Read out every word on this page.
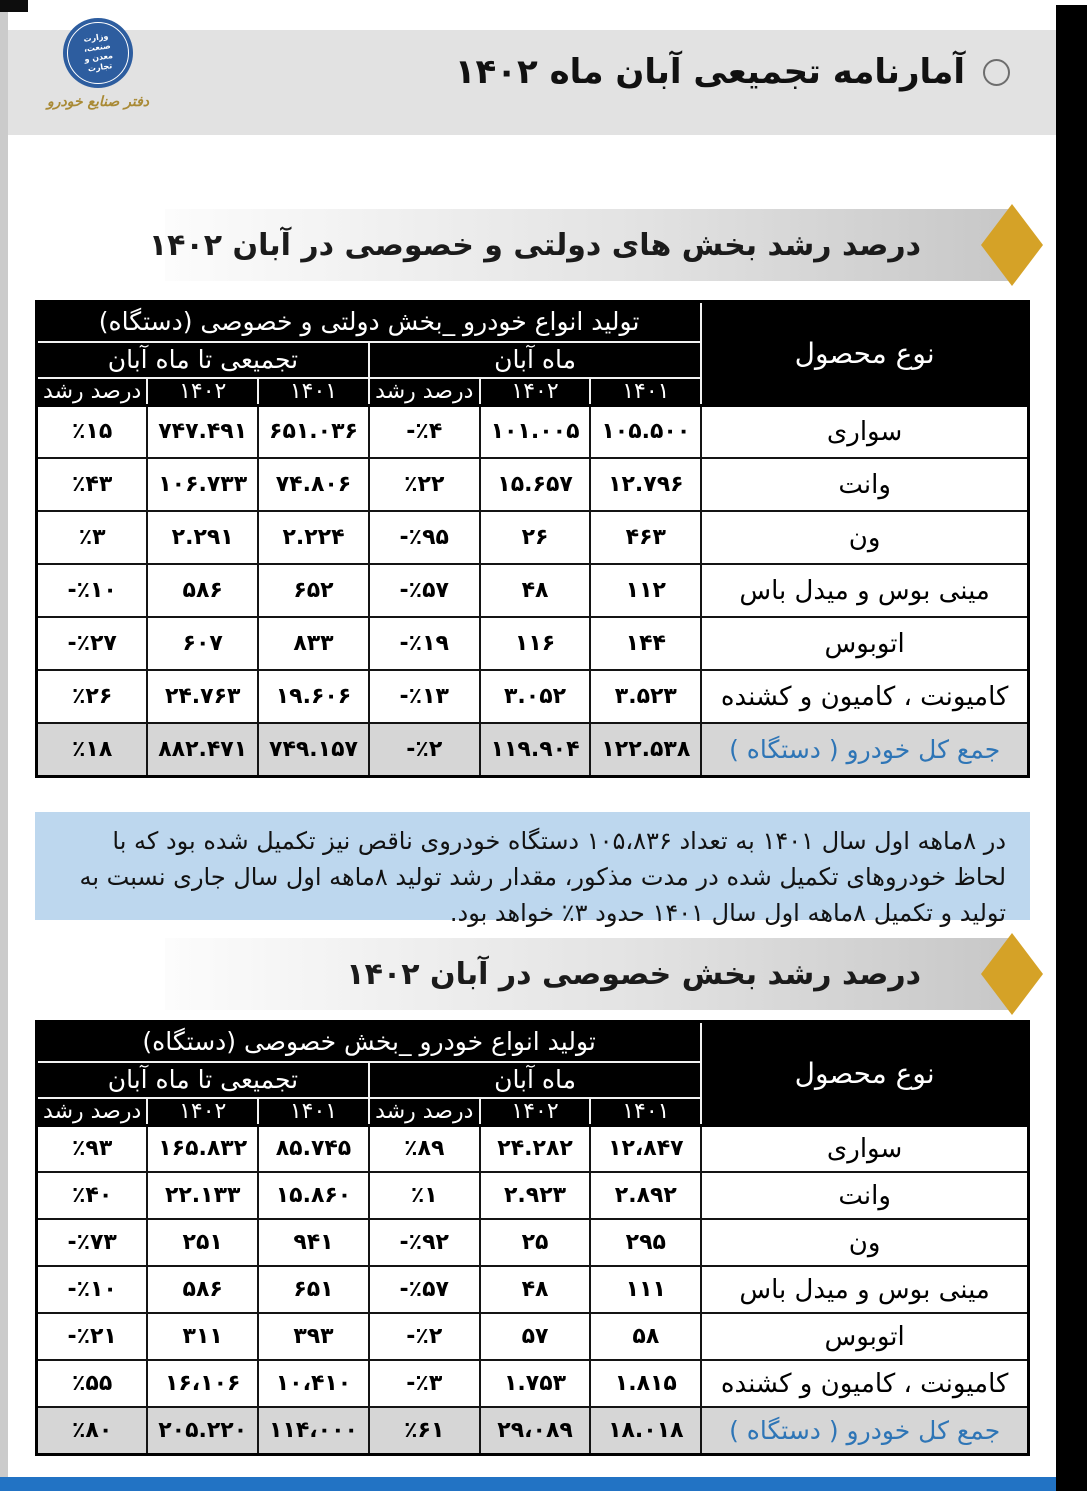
وزارت صنعت، معدن و تجارت
دفتر صنایع خودرو
آمارنامه تجمیعی آبان ماه ۱۴۰۲
درصد رشد بخش های دولتی و خصوصی در آبان ۱۴۰۲
نوع محصول	تولید انواع خودرو _بخش دولتی و خصوصی (دستگاه)					
	ماه آبان			تجمیعی تا ماه آبان		
	۱۴۰۱	۱۴۰۲	درصد رشد	۱۴۰۱	۱۴۰۲	درصد رشد
سواری	۱۰۵.۵۰۰	۱۰۱.۰۰۵	-٪۴	۶۵۱.۰۳۶	۷۴۷.۴۹۱	٪۱۵
وانت	۱۲.۷۹۶	۱۵.۶۵۷	٪۲۲	۷۴.۸۰۶	۱۰۶.۷۳۳	٪۴۳
ون	۴۶۳	۲۶	-٪۹۵	۲.۲۲۴	۲.۲۹۱	٪۳
مینی بوس و میدل باس	۱۱۲	۴۸	-٪۵۷	۶۵۲	۵۸۶	-٪۱۰
اتوبوس	۱۴۴	۱۱۶	-٪۱۹	۸۳۳	۶۰۷	-٪۲۷
کامیونت ، کامیون و کشنده	۳.۵۲۳	۳.۰۵۲	-٪۱۳	۱۹.۶۰۶	۲۴.۷۶۳	٪۲۶
جمع کل خودرو ( دستگاه )	۱۲۲.۵۳۸	۱۱۹.۹۰۴	-٪۲	۷۴۹.۱۵۷	۸۸۲.۴۷۱	٪۱۸
در ۸ماهه اول سال ۱۴۰۱ به تعداد ۱۰۵،۸۳۶ دستگاه خودروی ناقص نیز تکمیل شده بود که با لحاظ خودروهای تکمیل شده در مدت مذکور، مقدار رشد تولید ۸ماهه اول سال جاری نسبت به تولید و تکمیل ۸ماهه اول سال ۱۴۰۱ حدود ۳٪ خواهد بود.
درصد رشد بخش خصوصی در آبان ۱۴۰۲
نوع محصول	تولید انواع خودرو _بخش خصوصی (دستگاه)					
	ماه آبان			تجمیعی تا ماه آبان		
	۱۴۰۱	۱۴۰۲	درصد رشد	۱۴۰۱	۱۴۰۲	درصد رشد
سواری	۱۲،۸۴۷	۲۴.۲۸۲	٪۸۹	۸۵.۷۴۵	۱۶۵.۸۳۲	٪۹۳
وانت	۲.۸۹۲	۲.۹۲۳	٪۱	۱۵.۸۶۰	۲۲.۱۳۳	٪۴۰
ون	۲۹۵	۲۵	-٪۹۲	۹۴۱	۲۵۱	-٪۷۳
مینی بوس و میدل باس	۱۱۱	۴۸	-٪۵۷	۶۵۱	۵۸۶	-٪۱۰
اتوبوس	۵۸	۵۷	-٪۲	۳۹۳	۳۱۱	-٪۲۱
کامیونت ، کامیون و کشنده	۱.۸۱۵	۱.۷۵۳	-٪۳	۱۰،۴۱۰	۱۶،۱۰۶	٪۵۵
جمع کل خودرو ( دستگاه )	۱۸.۰۱۸	۲۹،۰۸۹	٪۶۱	۱۱۴،۰۰۰	۲۰۵.۲۲۰	٪۸۰
